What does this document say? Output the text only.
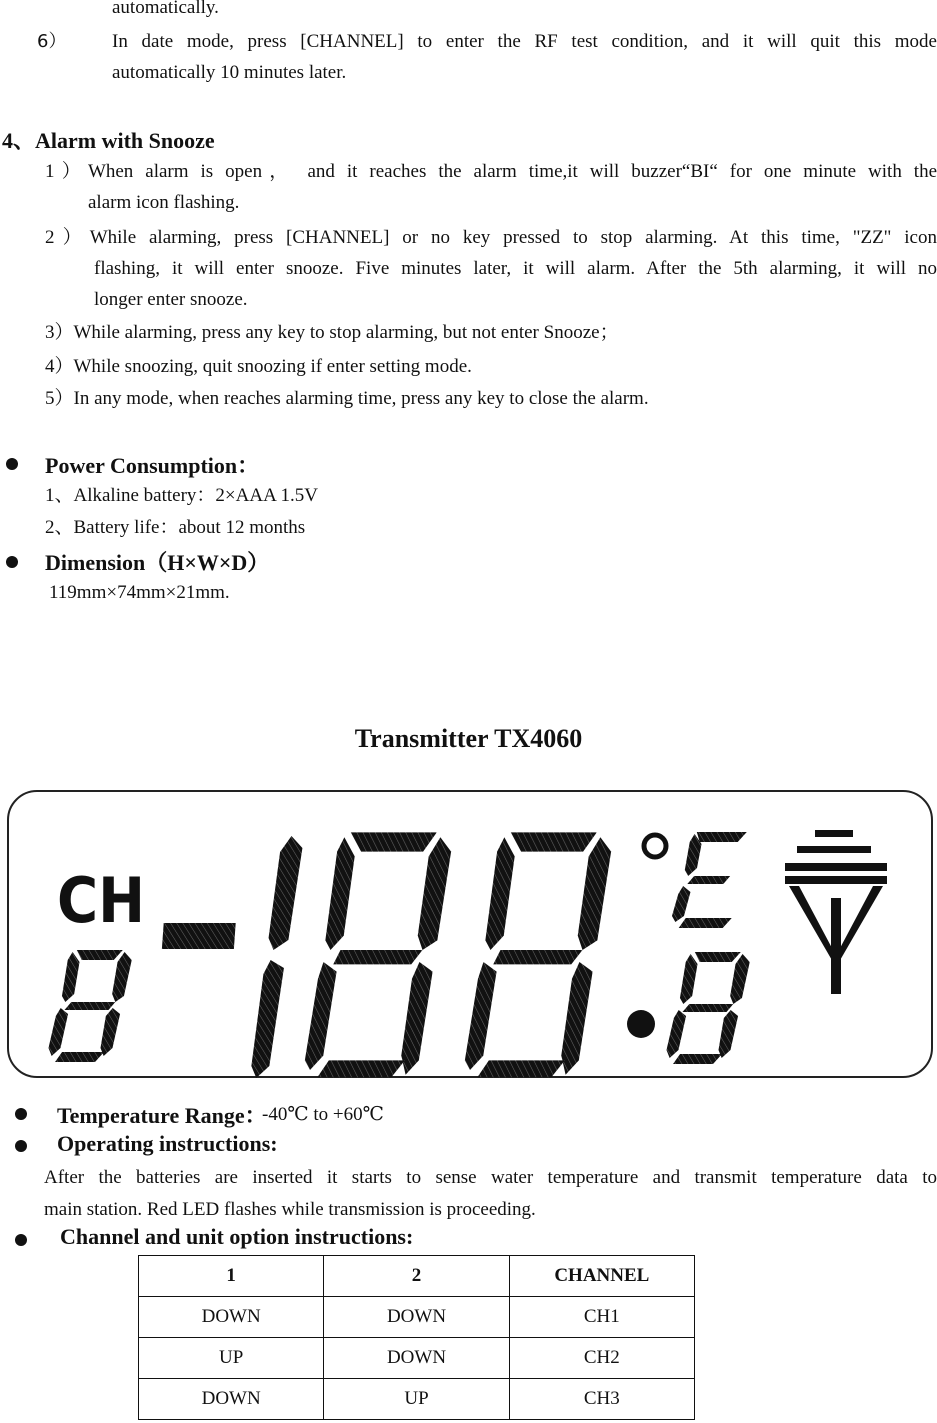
automatically.
6） In date mode, press [CHANNEL] to enter the RF test condition, and it will quit this mode
automatically 10 minutes later.
4、Alarm with Snooze
1）When alarm is open， and it reaches the alarm time,it will buzzer“BI“ for one minute with the
alarm icon flashing.
2）While alarming, press [CHANNEL] or no key pressed to stop alarming. At this time, "ZZ" icon
flashing, it will enter snooze. Five minutes later, it will alarm. After the 5th alarming, it will no
longer enter snooze.
3）While alarming, press any key to stop alarming, but not enter Snooze；
4）While snoozing, quit snoozing if enter setting mode.
5）In any mode, when reaches alarming time, press any key to close the alarm.
Power Consumption：
1、Alkaline battery：2×AAA 1.5V
2、Battery life：about 12 months
Dimension（H×W×D）
119mm×74mm×21mm.
Transmitter TX4060
CH
Temperature Range：
-40℃ to +60℃
Operating instructions:
After the batteries are inserted it starts to sense water temperature and transmit temperature data to
main station. Red LED flashes while transmission is proceeding.
Channel and unit option instructions:
1	2	CHANNEL
DOWN	DOWN	CH1
UP	DOWN	CH2
DOWN	UP	CH3
